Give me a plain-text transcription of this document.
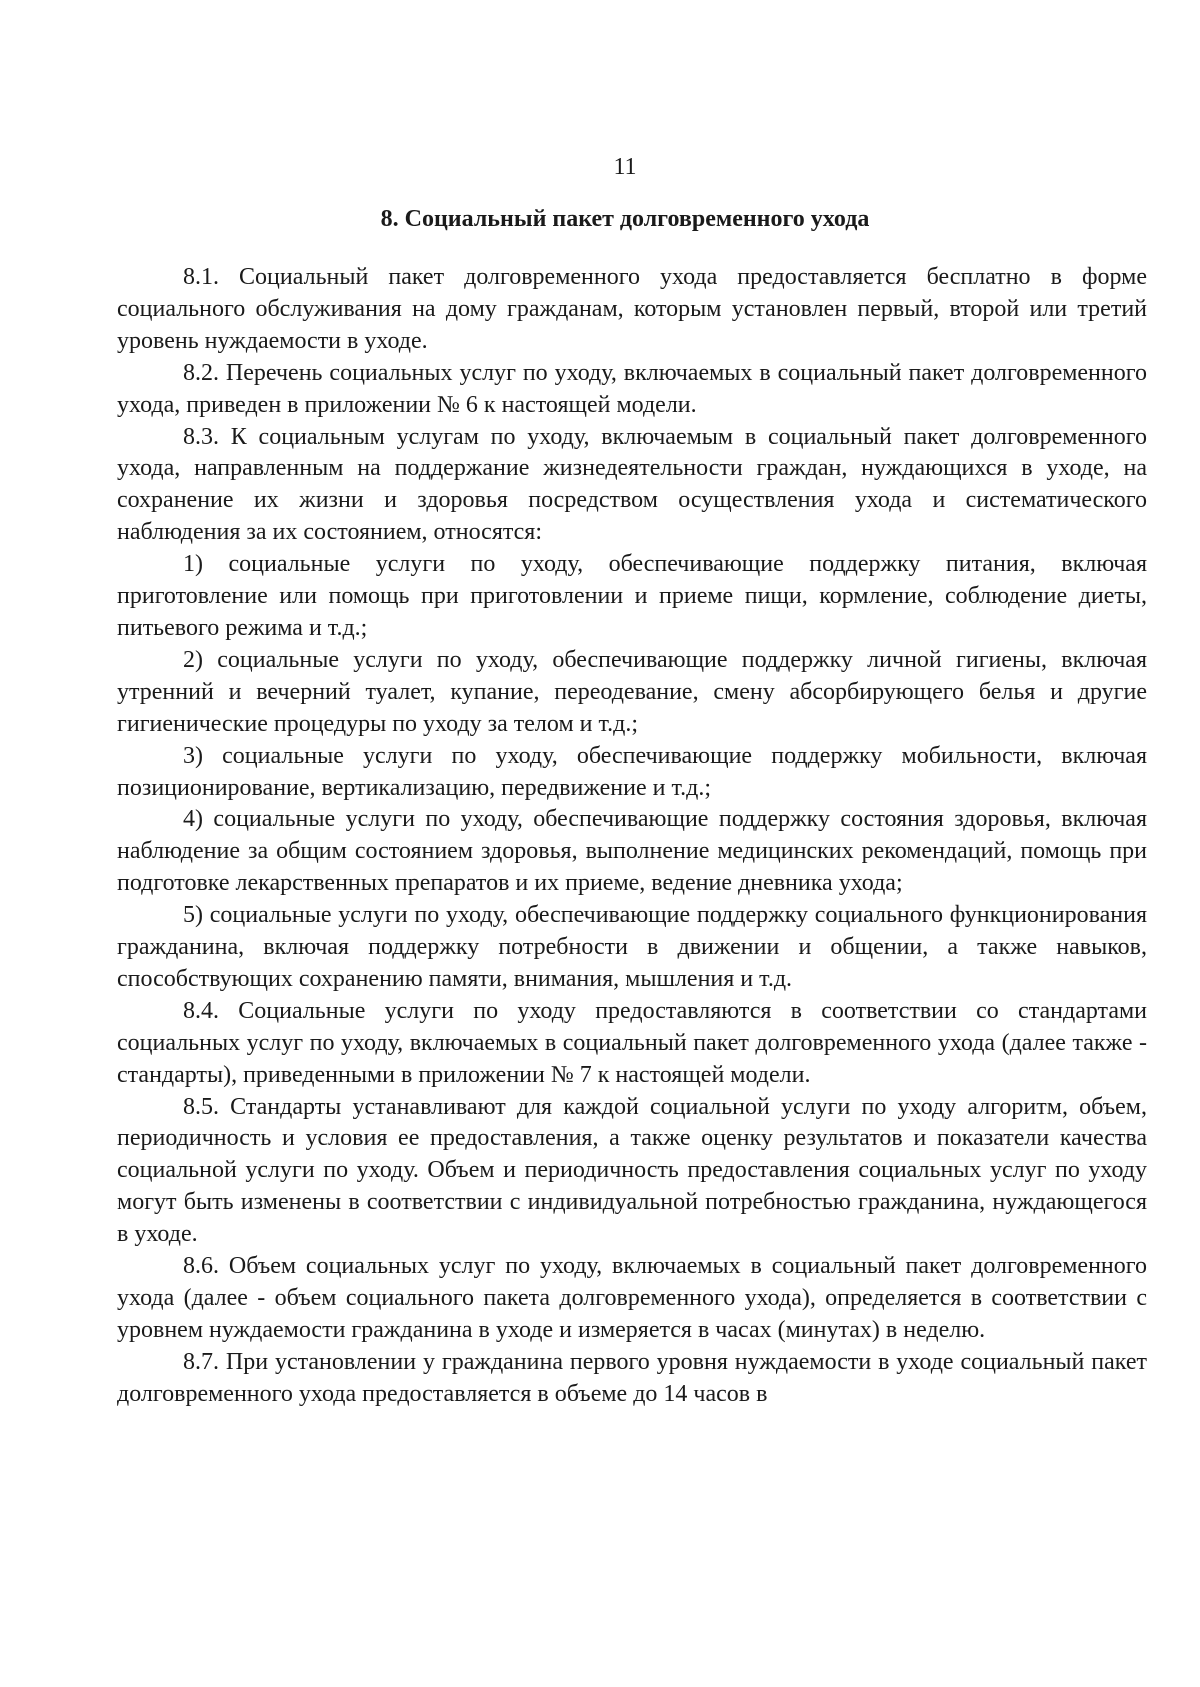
11
8. Социальный пакет долговременного ухода

8.1. Социальный пакет долговременного ухода предоставляется бесплатно в форме социального обслуживания на дому гражданам, которым установлен первый, второй или третий уровень нуждаемости в уходе.

8.2. Перечень социальных услуг по уходу, включаемых в социальный пакет долговременного ухода, приведен в приложении № 6 к настоящей модели.

8.3. К социальным услугам по уходу, включаемым в социальный пакет долговременного ухода, направленным на поддержание жизнедеятельности граждан, нуждающихся в уходе, на сохранение их жизни и здоровья посредством осуществления ухода и систематического наблюдения за их состоянием, относятся:

1) социальные услуги по уходу, обеспечивающие поддержку питания, включая приготовление или помощь при приготовлении и приеме пищи, кормление, соблюдение диеты, питьевого режима и т.д.;

2) социальные услуги по уходу, обеспечивающие поддержку личной гигиены, включая утренний и вечерний туалет, купание, переодевание, смену абсорбирующего белья и другие гигиенические процедуры по уходу за телом и т.д.;

3) социальные услуги по уходу, обеспечивающие поддержку мобильности, включая позиционирование, вертикализацию, передвижение и т.д.;

4) социальные услуги по уходу, обеспечивающие поддержку состояния здоровья, включая наблюдение за общим состоянием здоровья, выполнение медицинских рекомендаций, помощь при подготовке лекарственных препаратов и их приеме, ведение дневника ухода;

5) социальные услуги по уходу, обеспечивающие поддержку социального функционирования гражданина, включая поддержку потребности в движении и общении, а также навыков, способствующих сохранению памяти, внимания, мышления и т.д.

8.4. Социальные услуги по уходу предоставляются в соответствии со стандартами социальных услуг по уходу, включаемых в социальный пакет долговременного ухода (далее также - стандарты), приведенными в приложении № 7 к настоящей модели.

8.5. Стандарты устанавливают для каждой социальной услуги по уходу алгоритм, объем, периодичность и условия ее предоставления, а также оценку результатов и показатели качества социальной услуги по уходу. Объем и периодичность предоставления социальных услуг по уходу могут быть изменены в соответствии с индивидуальной потребностью гражданина, нуждающегося в уходе.

8.6. Объем социальных услуг по уходу, включаемых в социальный пакет долговременного ухода (далее - объем социального пакета долговременного ухода), определяется в соответствии с уровнем нуждаемости гражданина в уходе и измеряется в часах (минутах) в неделю.

8.7. При установлении у гражданина первого уровня нуждаемости в уходе социальный пакет долговременного ухода предоставляется в объеме до 14 часов в
